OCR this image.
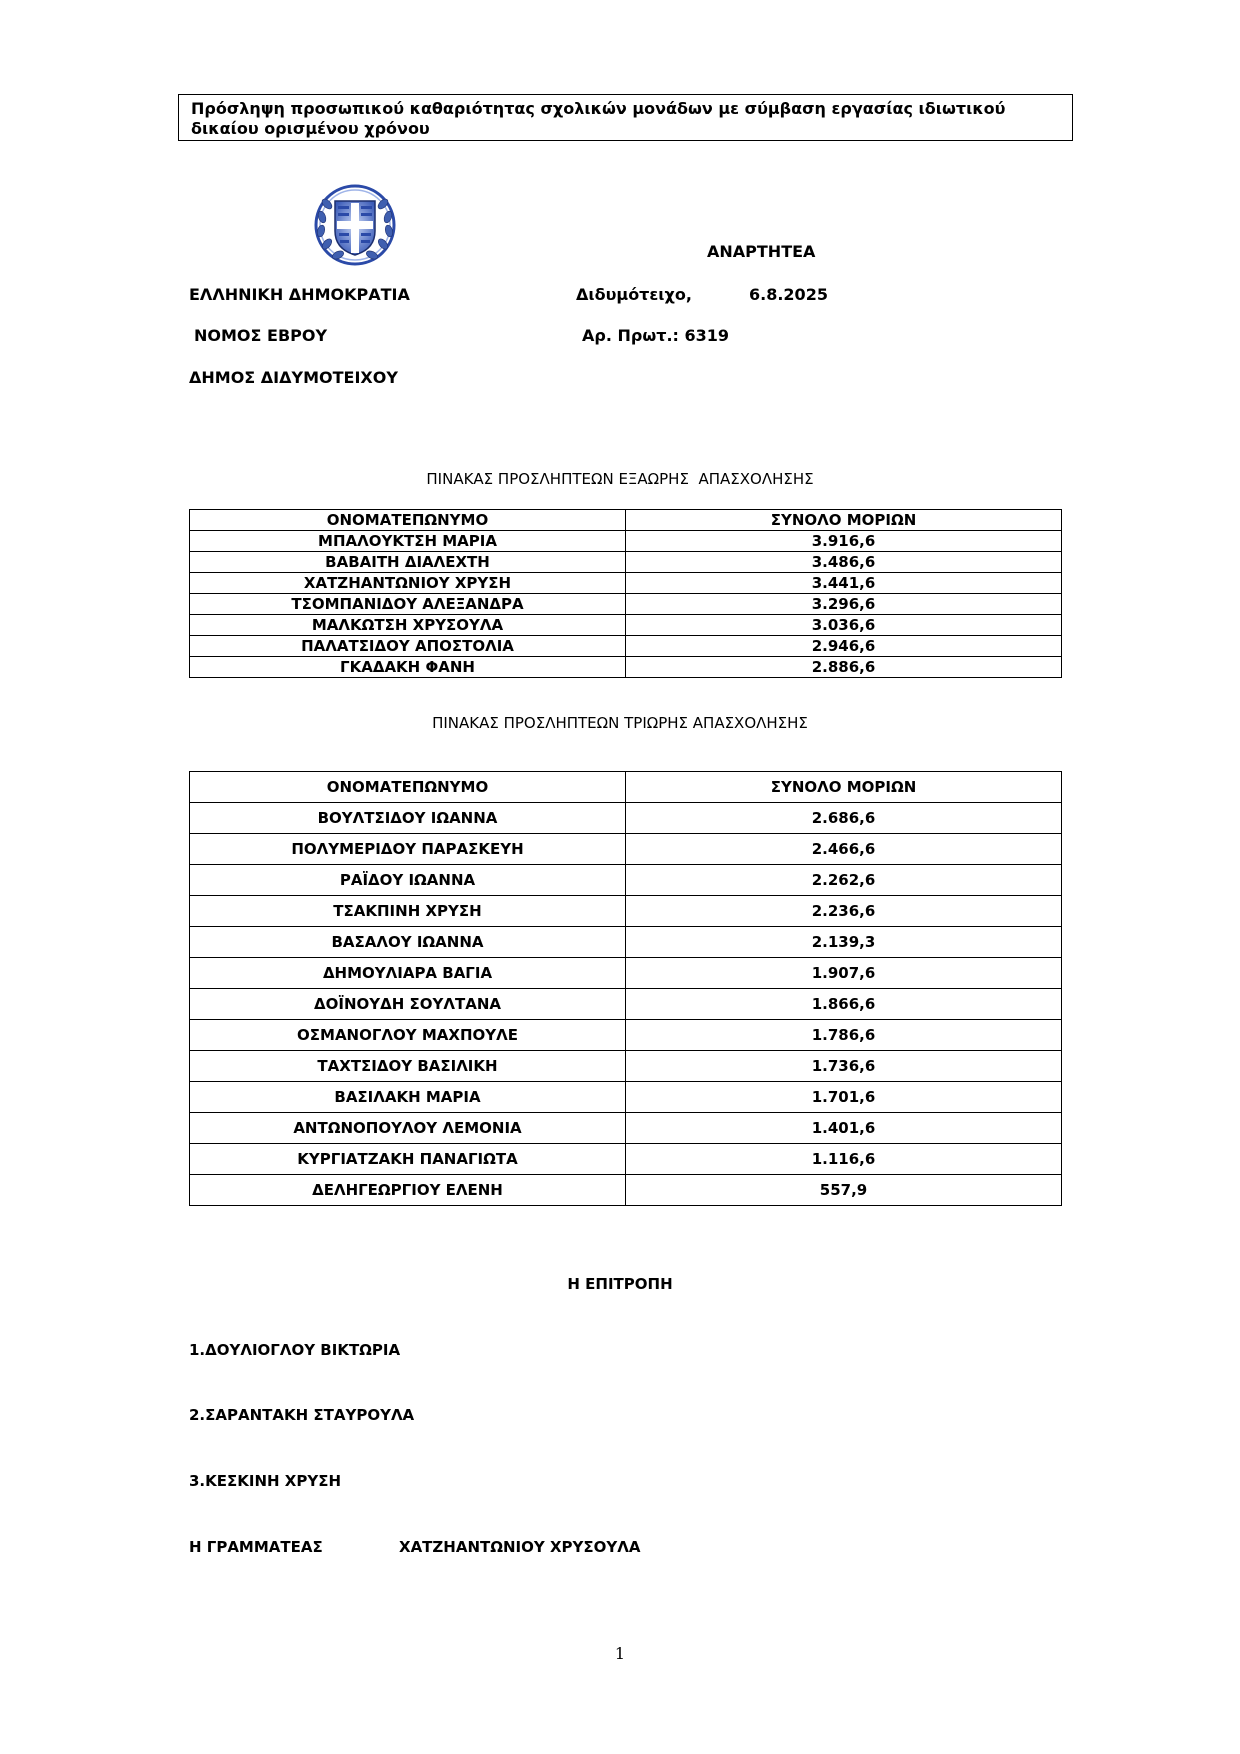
Πρόσληψη προσωπικού καθαριότητας σχολικών μονάδων με σύμβαση εργασίας ιδιωτικού δικαίου ορισμένου χρόνου
ΑΝΑΡΤΗΤΕΑ
ΕΛΛΗΝΙΚΗ ΔΗΜΟΚΡΑΤΙΑ	Διδυμότειχο,	6.8.2025
ΝΟΜΟΣ ΕΒΡΟΥ	Αρ. Πρωτ.: 6319
ΔΗΜΟΣ ΔΙΔΥΜΟΤΕΙΧΟΥ
ΠΙΝΑΚΑΣ ΠΡΟΣΛΗΠΤΕΩΝ ΕΞΑΩΡΗΣ  ΑΠΑΣΧΟΛΗΣΗΣ
ΟΝΟΜΑΤΕΠΩΝΥΜΟ	ΣΥΝΟΛΟ ΜΟΡΙΩΝ
ΜΠΑΛΟΥΚΤΣΗ ΜΑΡΙΑ	3.916,6
ΒΑΒΑΙΤΗ ΔΙΑΛΕΧΤΗ	3.486,6
ΧΑΤΖΗΑΝΤΩΝΙΟΥ ΧΡΥΣΗ	3.441,6
ΤΣΟΜΠΑΝΙΔΟΥ ΑΛΕΞΑΝΔΡΑ	3.296,6
ΜΑΛΚΩΤΣΗ ΧΡΥΣΟΥΛΑ	3.036,6
ΠΑΛΑΤΣΙΔΟΥ ΑΠΟΣΤΟΛΙΑ	2.946,6
ΓΚΑΔΑΚΗ ΦΑΝΗ	2.886,6
ΠΙΝΑΚΑΣ ΠΡΟΣΛΗΠΤΕΩΝ ΤΡΙΩΡΗΣ ΑΠΑΣΧΟΛΗΣΗΣ
ΟΝΟΜΑΤΕΠΩΝΥΜΟ	ΣΥΝΟΛΟ ΜΟΡΙΩΝ
ΒΟΥΛΤΣΙΔΟΥ ΙΩΑΝΝΑ	2.686,6
ΠΟΛΥΜΕΡΙΔΟΥ ΠΑΡΑΣΚΕΥΗ	2.466,6
ΡΑΪΔΟΥ ΙΩΑΝΝΑ	2.262,6
ΤΣΑΚΠΙΝΗ ΧΡΥΣΗ	2.236,6
ΒΑΣΑΛΟΥ ΙΩΑΝΝΑ	2.139,3
ΔΗΜΟΥΛΙΑΡΑ ΒΑΓΙΑ	1.907,6
ΔΟΪΝΟΥΔΗ ΣΟΥΛΤΑΝΑ	1.866,6
ΟΣΜΑΝΟΓΛΟΥ ΜΑΧΠΟΥΛΕ	1.786,6
ΤΑΧΤΣΙΔΟΥ ΒΑΣΙΛΙΚΗ	1.736,6
ΒΑΣΙΛΑΚΗ ΜΑΡΙΑ	1.701,6
ΑΝΤΩΝΟΠΟΥΛΟΥ ΛΕΜΟΝΙΑ	1.401,6
ΚΥΡΓΙΑΤΖΑΚΗ ΠΑΝΑΓΙΩΤΑ	1.116,6
ΔΕΛΗΓΕΩΡΓΙΟΥ ΕΛΕΝΗ	557,9
Η ΕΠΙΤΡΟΠΗ
1.ΔΟΥΛΙΟΓΛΟΥ ΒΙΚΤΩΡΙΑ
2.ΣΑΡΑΝΤΑΚΗ ΣΤΑΥΡΟΥΛΑ
3.ΚΕΣΚΙΝΗ ΧΡΥΣΗ
Η ΓΡΑΜΜΑΤΕΑΣ	ΧΑΤΖΗΑΝΤΩΝΙΟΥ ΧΡΥΣΟΥΛΑ
1
